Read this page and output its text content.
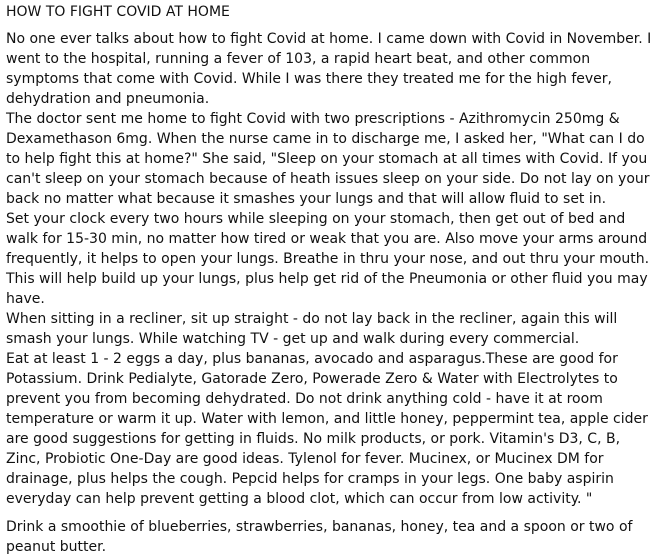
HOW TO FIGHT COVID AT HOME

No one ever talks about how to fight Covid at home. I came down with Covid in November. I went to the hospital, running a fever of 103, a rapid heart beat, and other common symptoms that come with Covid. While I was there they treated me for the high fever, dehydration and pneumonia.

The doctor sent me home to fight Covid with two prescriptions - Azithromycin 250mg & Dexamethason 6mg. When the nurse came in to discharge me, I asked her, "What can I do to help fight this at home?" She said, "Sleep on your stomach at all times with Covid. If you can't sleep on your stomach because of heath issues sleep on your side. Do not lay on your back no matter what because it smashes your lungs and that will allow fluid to set in.

Set your clock every two hours while sleeping on your stomach, then get out of bed and walk for 15-30 min, no matter how tired or weak that you are. Also move your arms around frequently, it helps to open your lungs. Breathe in thru your nose, and out thru your mouth. This will help build up your lungs, plus help get rid of the Pneumonia or other fluid you may have.

When sitting in a recliner, sit up straight - do not lay back in the recliner, again this will smash your lungs. While watching TV - get up and walk during every commercial.

Eat at least 1 - 2 eggs a day, plus bananas, avocado and asparagus.These are good for Potassium. Drink Pedialyte, Gatorade Zero, Powerade Zero & Water with Electrolytes to prevent you from becoming dehydrated. Do not drink anything cold - have it at room temperature or warm it up. Water with lemon, and little honey, peppermint tea, apple cider are good suggestions for getting in fluids. No milk products, or pork. Vitamin's D3, C, B, Zinc, Probiotic One-Day are good ideas. Tylenol for fever. Mucinex, or Mucinex DM for drainage, plus helps the cough. Pepcid helps for cramps in your legs. One baby aspirin everyday can help prevent getting a blood clot, which can occur from low activity. "

Drink a smoothie of blueberries, strawberries, bananas, honey, tea and a spoon or two of peanut butter.
